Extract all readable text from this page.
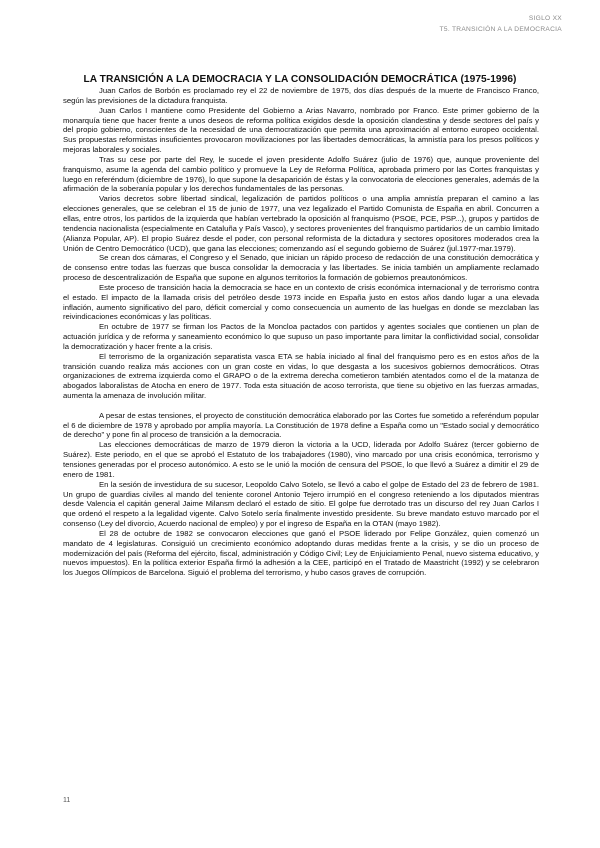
SIGLO XX
T5. TRANSICIÓN A LA DEMOCRACIA
LA TRANSICIÓN A LA DEMOCRACIA Y LA CONSOLIDACIÓN DEMOCRÁTICA (1975-1996)

Juan Carlos de Borbón es proclamado rey el 22 de noviembre de 1975, dos días después de la muerte de Francisco Franco, según las previsiones de la dictadura franquista.

Juan Carlos I mantiene como Presidente del Gobierno a Arias Navarro, nombrado por Franco. Este primer gobierno de la monarquía tiene que hacer frente a unos deseos de reforma política exigidos desde la oposición clandestina y desde sectores del país y del propio gobierno, conscientes de la necesidad de una democratización que permita una aproximación al entorno europeo occidental. Sus propuestas reformistas insuficientes provocaron movilizaciones por las libertades democráticas, la amnistía para los presos políticos y mejoras laborales y sociales.

Tras su cese por parte del Rey, le sucede el joven presidente Adolfo Suárez (julio de 1976) que, aunque proveniente del franquismo, asume la agenda del cambio político y promueve la Ley de Reforma Política, aprobada primero por las Cortes franquistas y luego en referéndum (diciembre de 1976), lo que supone la desaparición de éstas y la convocatoria de elecciones generales, además de la afirmación de la soberanía popular y los derechos fundamentales de las personas.

Varios decretos sobre libertad sindical, legalización de partidos políticos o una amplia amnistía preparan el camino a las elecciones generales, que se celebran el 15 de junio de 1977, una vez legalizado el Partido Comunista de España en abril. Concurren a ellas, entre otros, los partidos de la izquierda que habían vertebrado la oposición al franquismo (PSOE, PCE, PSP...), grupos y partidos de tendencia nacionalista (especialmente en Cataluña y País Vasco), y sectores provenientes del franquismo partidarios de un cambio limitado (Alianza Popular, AP). El propio Suárez desde el poder, con personal reformista de la dictadura y sectores opositores moderados crea la Unión de Centro Democrático (UCD), que gana las elecciones; comenzando así el segundo gobierno de Suárez (jul.1977-mar.1979).

Se crean dos cámaras, el Congreso y el Senado, que inician un rápido proceso de redacción de una constitución democrática y de consenso entre todas las fuerzas que busca consolidar la democracia y las libertades. Se inicia también un ampliamente reclamado proceso de descentralización de España que supone en algunos territorios la formación de gobiernos preautonómicos.

Este proceso de transición hacia la democracia se hace en un contexto de crisis económica internacional y de terrorismo contra el estado. El impacto de la llamada crisis del petróleo desde 1973 incide en España justo en estos años dando lugar a una elevada inflación, aumento significativo del paro, déficit comercial y como consecuencia un aumento de las huelgas en donde se mezclaban las reivindicaciones económicas y las políticas.

En octubre de 1977 se firman los Pactos de la Moncloa pactados con partidos y agentes sociales que contienen un plan de actuación jurídica y de reforma y saneamiento económico lo que supuso un paso importante para limitar la conflictividad social, consolidar la democratización y hacer frente a la crisis.

El terrorismo de la organización separatista vasca ETA se había iniciado al final del franquismo pero es en estos años de la transición cuando realiza más acciones con un gran coste en vidas, lo que desgasta a los sucesivos gobiernos democráticos. Otras organizaciones de extrema izquierda como el GRAPO o de la extrema derecha cometieron también atentados como el de la matanza de abogados laboralistas de Atocha en enero de 1977. Toda esta situación de acoso terrorista, que tiene su objetivo en las fuerzas armadas, aumenta la amenaza de involución militar.

A pesar de estas tensiones, el proyecto de constitución democrática elaborado por las Cortes fue sometido a referéndum popular el 6 de diciembre de 1978 y aprobado por amplia mayoría. La Constitución de 1978 define a España como un "Estado social y democrático de derecho" y pone fin al proceso de transición a la democracia.

Las elecciones democráticas de marzo de 1979 dieron la victoria a la UCD, liderada por Adolfo Suárez (tercer gobierno de Suárez). Este periodo, en el que se aprobó el Estatuto de los trabajadores (1980), vino marcado por una crisis económica, terrorismo y tensiones generadas por el proceso autonómico. A esto se le unió la moción de censura del PSOE, lo que llevó a Suárez a dimitir el 29 de enero de 1981.

En la sesión de investidura de su sucesor, Leopoldo Calvo Sotelo, se llevó a cabo el golpe de Estado del 23 de febrero de 1981. Un grupo de guardias civiles al mando del teniente coronel Antonio Tejero irrumpió en el congreso reteniendo a los diputados mientras desde Valencia el capitán general Jaime Milansm declaró el estado de sitio. El golpe fue derrotado tras un discurso del rey Juan Carlos I que ordenó el respeto a la legalidad vigente. Calvo Sotelo sería finalmente investido presidente. Su breve mandato estuvo marcado por el consenso (Ley del divorcio, Acuerdo nacional de empleo) y por el ingreso de España en la OTAN (mayo 1982).

El 28 de octubre de 1982 se convocaron elecciones que ganó el PSOE liderado por Felipe González, quien comenzó un mandato de 4 legislaturas. Consiguió un crecimiento económico adoptando duras medidas frente a la crisis, y se dio un proceso de modernización del país (Reforma del ejército, fiscal, administración y Código Civil; Ley de Enjuiciamiento Penal, nuevo sistema educativo, y nuevos impuestos). En la política exterior España firmó la adhesión a la CEE, participó en el Tratado de Maastricht (1992) y se celebraron los Juegos Olímpicos de Barcelona. Siguió el problema del terrorismo, y hubo casos graves de corrupción.

11
